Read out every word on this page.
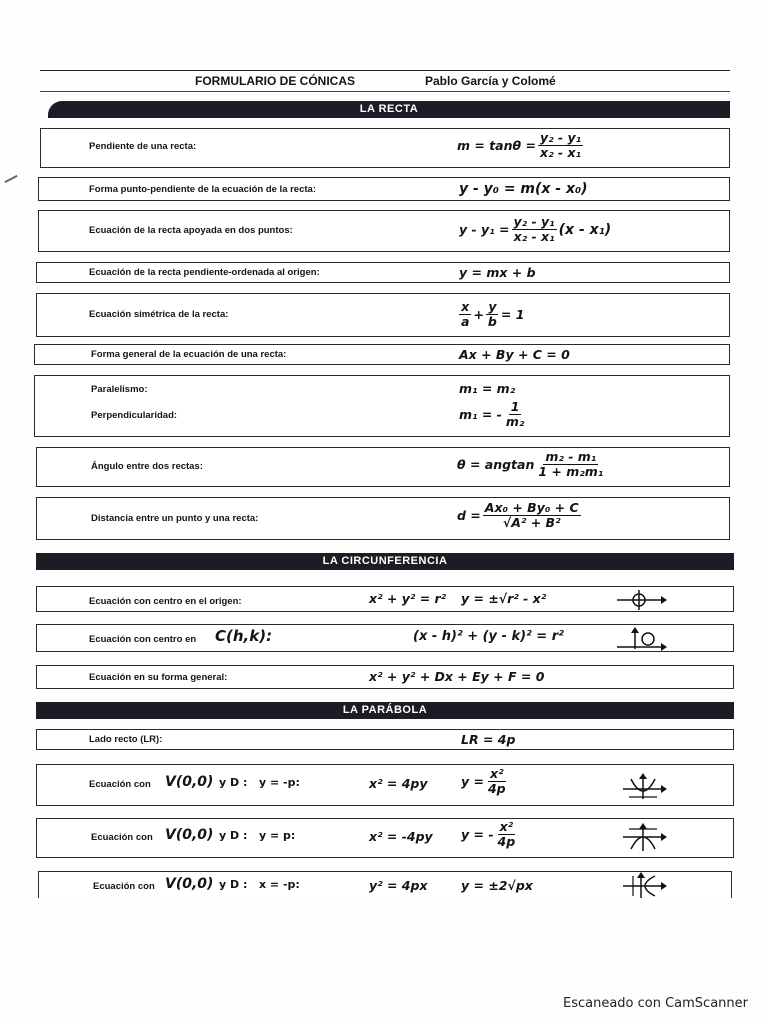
FORMULARIO DE CÓNICAS	Pablo García y Colomé
LA RECTA
Pendiente de una recta:	$m = \tan\theta = \frac{\text{y₂ - y₁}}{\text{x₂ - x₁}}$
Forma punto-pendiente de la ecuación de la recta:	y - y₀ = m(x - x₀)
Ecuación de la recta apoyada en dos puntos:	$y - y_1 = \frac{\text{y₂ - y₁}}{\text{x₂ - x₁}} (x - x_1)$
Ecuación de la recta pendiente-ordenada al origen:	y = mx + b
Ecuación simétrica de la recta:	$\frac{x}{a} + \frac{y}{b} = 1$
Forma general de la ecuación de una recta:	Ax + By + C = 0
Paralelismo:	m₁ = m₂
Perpendicularidad:	m₁ = - $\frac{1}{\text{m₂}}$
Ángulo entre dos rectas:	θ = angtan $\frac{\text{m₂ - m₁}}{\text{1 + m₂m₁}}$
Distancia entre un punto y una recta:	$d = \frac{\text{Ax₀ + By₀ + C}}{\text{√A² + B²}}$
LA CIRCUNFERENCIA
Ecuación con centro en el origen:	x² + y² = r² y = ±√r² - x²
Ecuación con centro en C(h,k):	(x - h)² + (y - k)² = r²
Ecuación en su forma general:	x² + y² + Dx + Ey + F = 0
LA PARÁBOLA
Lado recto (LR):	LR = 4p
Ecuación con V(0,0) y D : y = -p:	x² = 4py	$y = \frac{\text{x²}}{4p}$
Ecuación con V(0,0) y D : y = p:	x² = -4py y = - $\frac{\text{x²}}{4p}$
Ecuación con V(0,0) y D : x = -p:	y² = 4px	y = ±2√px
Escaneado con CamScanner
